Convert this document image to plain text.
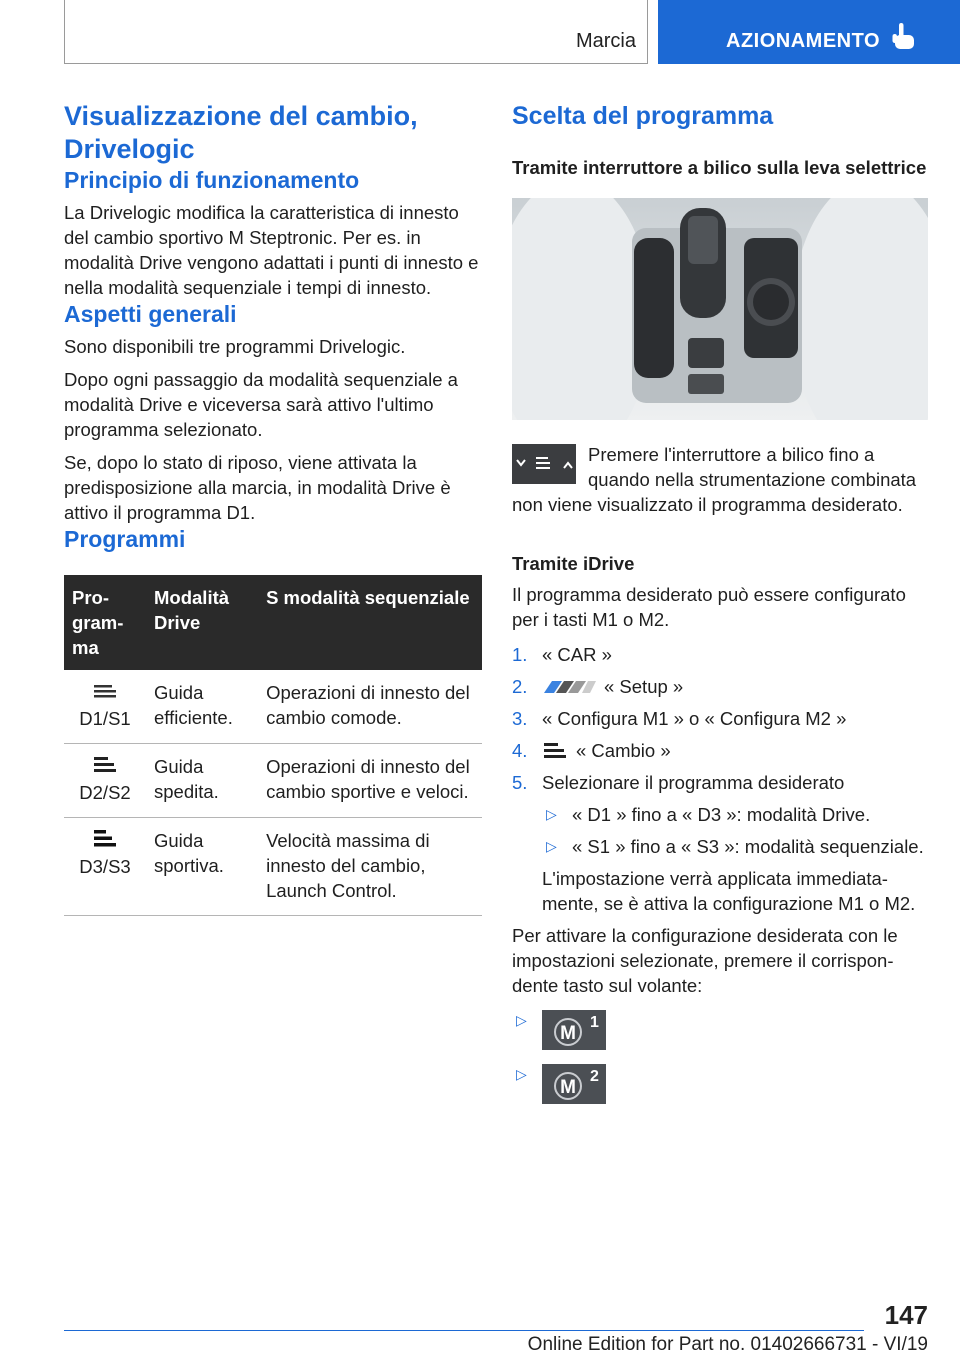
Marcia	AZIONAMENTO
Visualizzazione del cambio, Drivelogic
Principio di funzionamento

La Drivelogic modifica la caratteristica di innesto del cambio sportivo M Steptronic. Per es. in modalità Drive vengono adattati i punti di innesto e nella modalità sequenziale i tempi di innesto.

Aspetti generali

Sono disponibili tre programmi Drivelogic.

Dopo ogni passaggio da modalità sequenziale a modalità Drive e viceversa sarà attivo l'ultimo programma selezionato.

Se, dopo lo stato di riposo, viene attivata la predisposizione alla marcia, in modalità Drive è attivo il programma D1.

Programmi
Programma	Modalità Drive	S modalità sequenziale

D1/S1	Guida efficiente.	Operazioni di innesto del cambio comode.

D2/S2	Guida spedita.	Operazioni di innesto del cambio sportive e veloci.

D3/S3	Guida sportiva.	Velocità massima di innesto del cambio, Launch Control.
Scelta del programma

Tramite interruttore a bilico sulla leva selettrice

Premere l'interruttore a bilico fino a quando nella strumentazione combinata non viene visualizzato il programma desiderato.

Tramite iDrive

Il programma desiderato può essere configurato per i tasti M1 o M2.

1. « CAR »
2.	« Setup »
3. « Configura M1 » o « Configura M2 »
4.	« Cambio »
5. Selezionare il programma desiderato
▷ « D1 » fino a « D3 »: modalità Drive.
▷ « S1 » fino a « S3 »: modalità sequenziale.
L'impostazione verrà applicata immediatamente, se è attiva la configurazione M1 o M2.

Per attivare la configurazione desiderata con le impostazioni selezionate, premere il corrispondente tasto sul volante:

▷
M
1
▷
M
2
147
Online Edition for Part no. 01402666731 - VI/19
